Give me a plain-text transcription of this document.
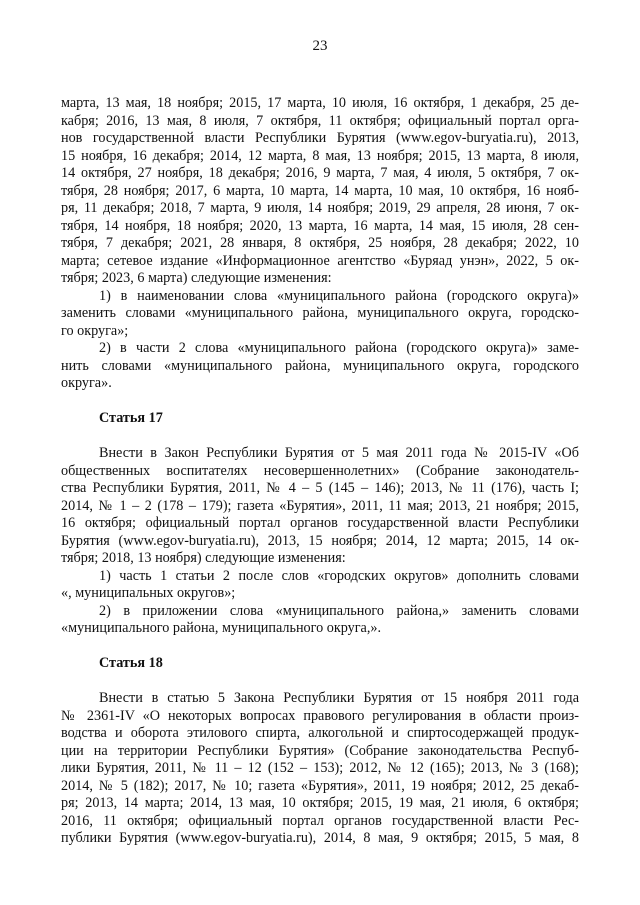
23
марта, 13 мая, 18 ноября; 2015, 17 марта, 10 июля, 16 октября, 1 декабря, 25 де-
кабря; 2016, 13 мая, 8 июля, 7 октября, 11 октября; официальный портал орга-
нов государственной власти Республики Бурятия (www.egov-buryatia.ru), 2013,
15 ноября, 16 декабря; 2014, 12 марта, 8 мая, 13 ноября; 2015, 13 марта, 8 июля,
14 октября, 27 ноября, 18 декабря; 2016, 9 марта, 7 мая, 4 июля, 5 октября, 7 ок-
тября, 28 ноября; 2017, 6 марта, 10 марта, 14 марта, 10 мая, 10 октября, 16 нояб-
ря, 11 декабря; 2018, 7 марта, 9 июля, 14 ноября; 2019, 29 апреля, 28 июня, 7 ок-
тября, 14 ноября, 18 ноября; 2020, 13 марта, 16 марта, 14 мая, 15 июля, 28 сен-
тября, 7 декабря; 2021, 28 января, 8 октября, 25 ноября, 28 декабря; 2022, 10
марта; сетевое издание «Информационное агентство «Буряад унэн», 2022, 5 ок-
тября; 2023, 6 марта) следующие изменения:
1) в наименовании слова «муниципального района (городского округа)»
заменить словами «муниципального района, муниципального округа, городско-
го округа»;
2) в части 2 слова «муниципального района (городского округа)» заме-
нить словами «муниципального района, муниципального округа, городского
округа».
Статья 17
Внести в Закон Республики Бурятия от 5 мая 2011 года № 2015-IV «Об
общественных воспитателях несовершеннолетних» (Собрание законодатель-
ства Республики Бурятия, 2011, № 4 – 5 (145 – 146); 2013, № 11 (176), часть I;
2014, № 1 – 2 (178 – 179); газета «Бурятия», 2011, 11 мая; 2013, 21 ноября; 2015,
16 октября; официальный портал органов государственной власти Республики
Бурятия (www.egov-buryatia.ru), 2013, 15 ноября; 2014, 12 марта; 2015, 14 ок-
тября; 2018, 13 ноября) следующие изменения:
1) часть 1 статьи 2 после слов «городских округов» дополнить словами
«, муниципальных округов»;
2) в приложении слова «муниципального района,» заменить словами
«муниципального района, муниципального округа,».
Статья 18
Внести в статью 5 Закона Республики Бурятия от 15 ноября 2011 года
№ 2361-IV «О некоторых вопросах правового регулирования в области произ-
водства и оборота этилового спирта, алкогольной и спиртосодержащей продук-
ции на территории Республики Бурятия» (Собрание законодательства Респуб-
лики Бурятия, 2011, № 11 – 12 (152 – 153); 2012, № 12 (165); 2013, № 3 (168);
2014, № 5 (182); 2017, № 10; газета «Бурятия», 2011, 19 ноября; 2012, 25 декаб-
ря; 2013, 14 марта; 2014, 13 мая, 10 октября; 2015, 19 мая, 21 июля, 6 октября;
2016, 11 октября; официальный портал органов государственной власти Рес-
публики Бурятия (www.egov-buryatia.ru), 2014, 8 мая, 9 октября; 2015, 5 мая, 8
